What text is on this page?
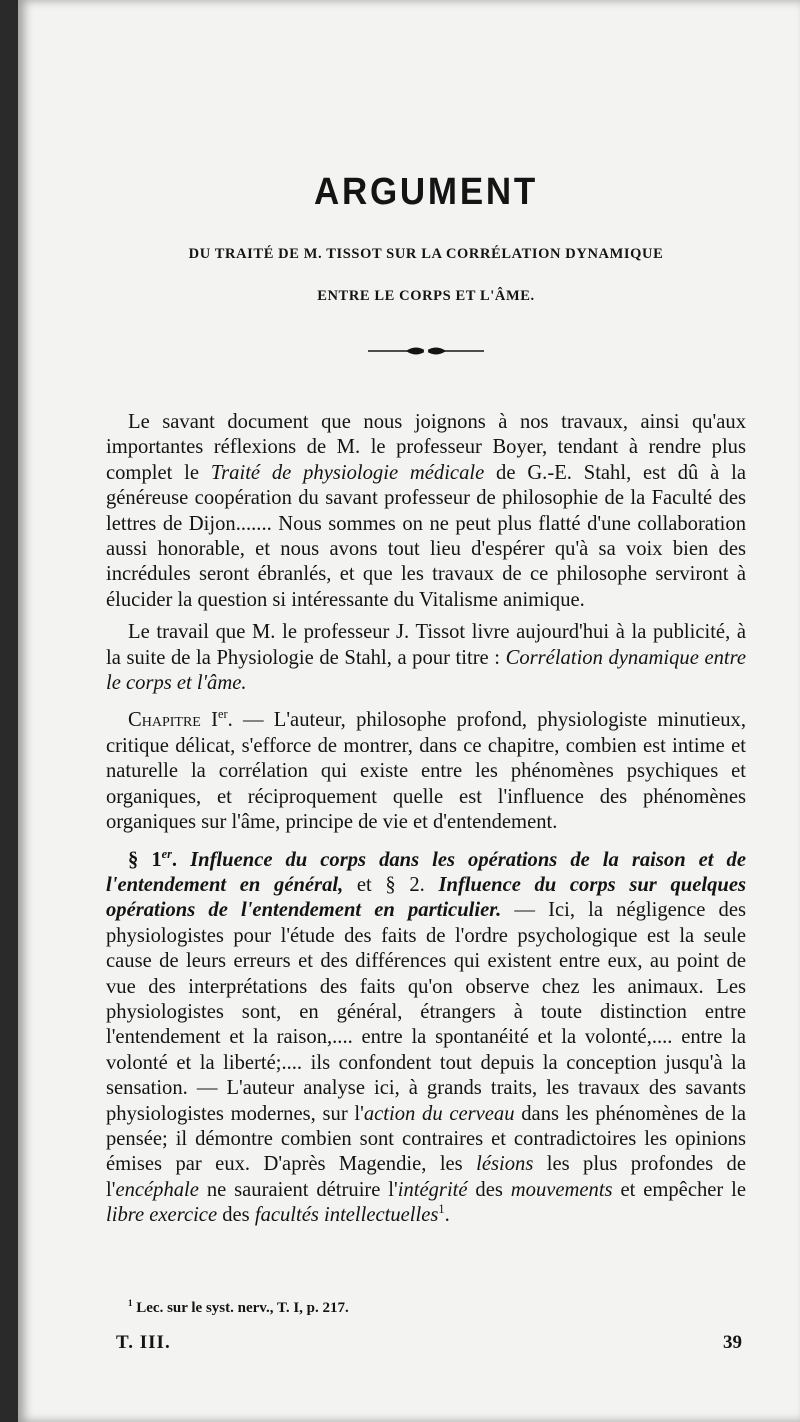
ARGUMENT

DU TRAITÉ DE M. TISSOT SUR LA CORRÉLATION DYNAMIQUE

ENTRE LE CORPS ET L'ÂME.

Le savant document que nous joignons à nos travaux, ainsi qu'aux importantes réflexions de M. le professeur Boyer, tendant à rendre plus complet le Traité de physiologie médicale de G.-E. Stahl, est dû à la généreuse coopération du savant professeur de philosophie de la Faculté des lettres de Dijon....... Nous sommes on ne peut plus flatté d'une collaboration aussi honorable, et nous avons tout lieu d'espérer qu'à sa voix bien des incrédules seront ébranlés, et que les travaux de ce philosophe serviront à élucider la question si intéressante du Vitalisme animique.

Le travail que M. le professeur J. Tissot livre aujourd'hui à la publicité, à la suite de la Physiologie de Stahl, a pour titre : Corrélation dynamique entre le corps et l'âme.

Chapitre Ier. — L'auteur, philosophe profond, physiologiste minutieux, critique délicat, s'efforce de montrer, dans ce chapitre, combien est intime et naturelle la corrélation qui existe entre les phénomènes psychiques et organiques, et réciproquement quelle est l'influence des phénomènes organiques sur l'âme, principe de vie et d'entendement.

§ 1er. Influence du corps dans les opérations de la raison et de l'entendement en général, et § 2. Influence du corps sur quelques opérations de l'entendement en particulier. — Ici, la négligence des physiologistes pour l'étude des faits de l'ordre psychologique est la seule cause de leurs erreurs et des différences qui existent entre eux, au point de vue des interprétations des faits qu'on observe chez les animaux. Les physiologistes sont, en général, étrangers à toute distinction entre l'entendement et la raison,.... entre la spontanéité et la volonté,.... entre la volonté et la liberté;.... ils confondent tout depuis la conception jusqu'à la sensation. — L'auteur analyse ici, à grands traits, les travaux des savants physiologistes modernes, sur l'action du cerveau dans les phénomènes de la pensée; il démontre combien sont contraires et contradictoires les opinions émises par eux. D'après Magendie, les lésions les plus profondes de l'encéphale ne sauraient détruire l'intégrité des mouvements et empêcher le libre exercice des facultés intellectuelles$^1$.

$^1$ Lec. sur le syst. nerv., T. I, p. 217.
T. III.	39
